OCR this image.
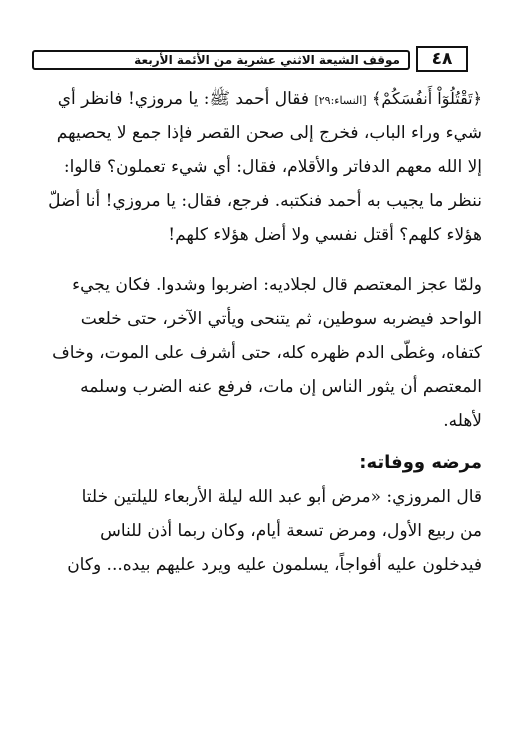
٤٨
موقف الشيعة الاثني عشرية من الأئمة الأربعة
﴿تَقْتُلُوٓاْ أَنفُسَكُمْ﴾ [النساء:٢٩] فقال أحمد ﷺ: يا مروزي! فانظر أي
شيء وراء الباب، فخرج إلى صحن القصر فإذا جمع لا يحصيهم
إلا الله معهم الدفاتر والأقلام، فقال: أي شيء تعملون؟ قالوا:
ننظر ما يجيب به أحمد فنكتبه. فرجع، فقال: يا مروزي! أنا أضلّ
هؤلاء كلهم؟ أقتل نفسي ولا أضل هؤلاء كلهم!
ولمّا عجز المعتصم قال لجلاديه: اضربوا وشدوا. فكان يجيء
الواحد فيضربه سوطين، ثم يتنحى ويأتي الآخر، حتى خلعت
كتفاه، وغطّى الدم ظهره كله، حتى أشرف على الموت، وخاف
المعتصم أن يثور الناس إن مات، فرفع عنه الضرب وسلمه
لأهله.
مرضه ووفاته:
قال المروزي: «مرض أبو عبد الله ليلة الأربعاء لليلتين خلتا
من ربيع الأول، ومرض تسعة أيام، وكان ربما أذن للناس
فيدخلون عليه أفواجاً، يسلمون عليه ويرد عليهم بيده... وكان
